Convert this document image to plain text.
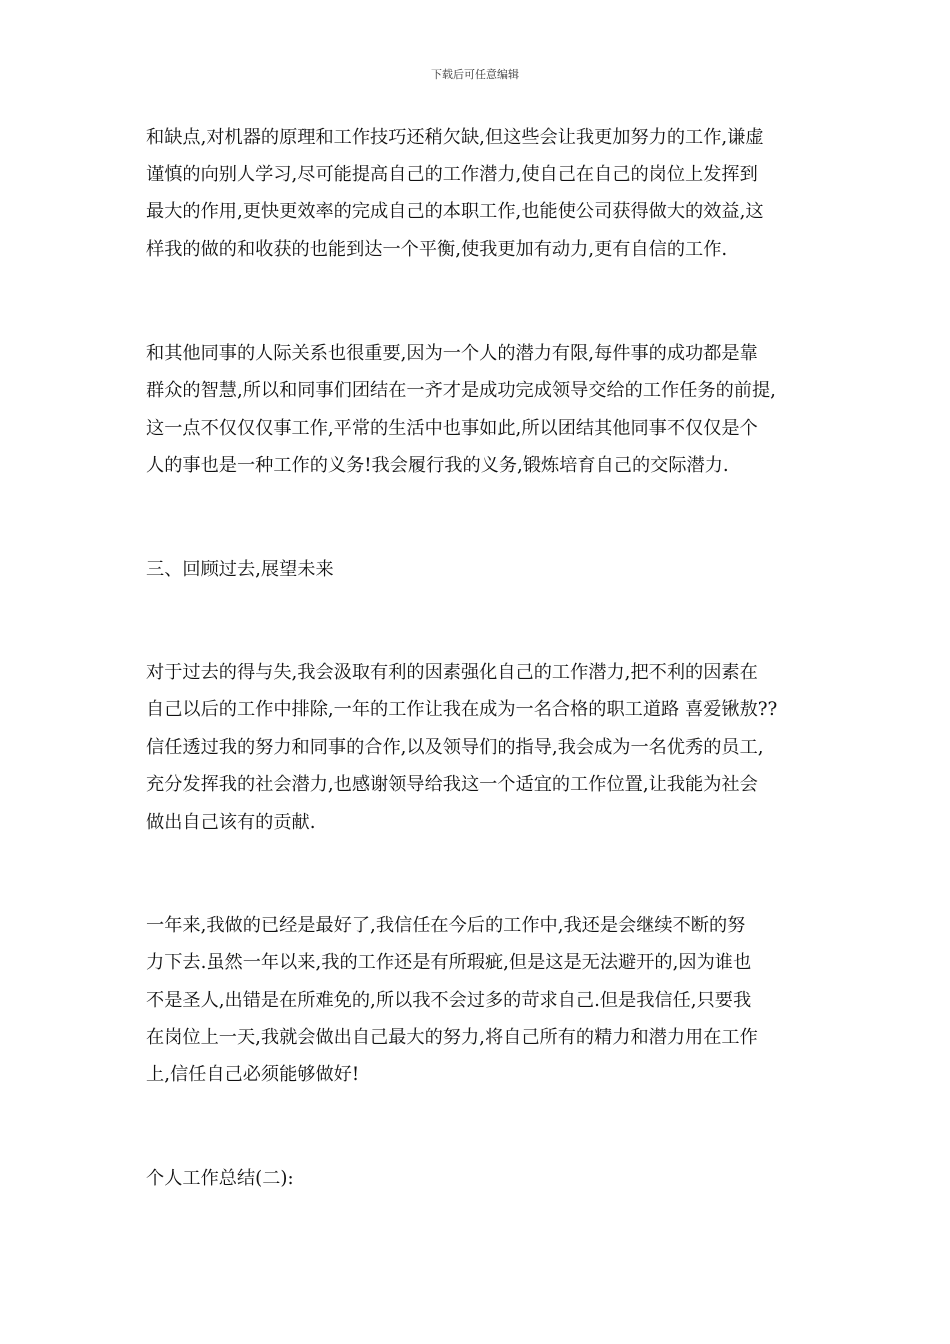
下载后可任意编辑
和缺点,对机器的原理和工作技巧还稍欠缺,但这些会让我更加努力的工作,谦虚
谨慎的向别人学习,尽可能提高自己的工作潜力,使自己在自己的岗位上发挥到
最大的作用,更快更效率的完成自己的本职工作,也能使公司获得做大的效益,这
样我的做的和收获的也能到达一个平衡,使我更加有动力,更有自信的工作.
和其他同事的人际关系也很重要,因为一个人的潜力有限,每件事的成功都是靠
群众的智慧,所以和同事们团结在一齐才是成功完成领导交给的工作任务的前提,
这一点不仅仅仅事工作,平常的生活中也事如此,所以团结其他同事不仅仅是个
人的事也是一种工作的义务!我会履行我的义务,锻炼培育自己的交际潜力.
三、回顾过去,展望未来
对于过去的得与失,我会汲取有利的因素强化自己的工作潜力,把不利的因素在
自己以后的工作中排除,一年的工作让我在成为一名合格的职工道路 喜爱锹敖??
信任透过我的努力和同事的合作,以及领导们的指导,我会成为一名优秀的员工,
充分发挥我的社会潜力,也感谢领导给我这一个适宜的工作位置,让我能为社会
做出自己该有的贡献.
一年来,我做的已经是最好了,我信任在今后的工作中,我还是会继续不断的努
力下去.虽然一年以来,我的工作还是有所瑕疵,但是这是无法避开的,因为谁也
不是圣人,出错是在所难免的,所以我不会过多的苛求自己.但是我信任,只要我
在岗位上一天,我就会做出自己最大的努力,将自己所有的精力和潜力用在工作
上,信任自己必须能够做好!
个人工作总结(二):
